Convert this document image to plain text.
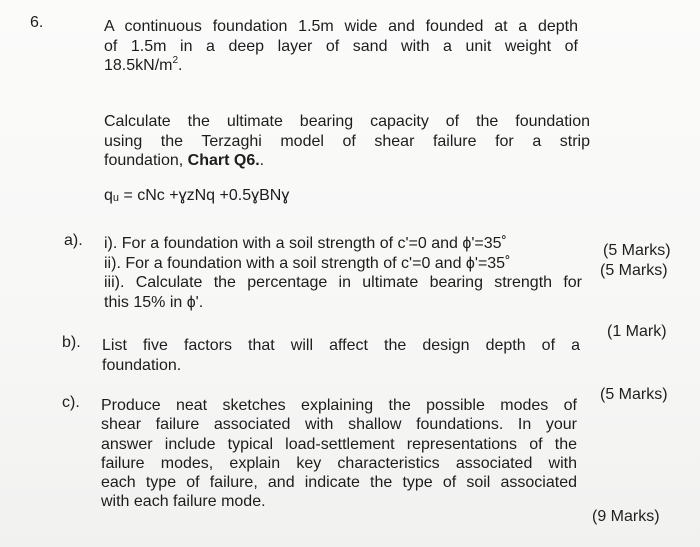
6.	A continuous foundation 1.5m wide and founded at a depth
of 1.5m in a deep layer of sand with a unit weight of
$18.5kN/m^2$.
Calculate the ultimate bearing capacity of the foundation
using the Terzaghi model of shear failure for a strip
foundation, Chart Q6..
qᵤ = cNc +ɣzNq +0.5ɣBNɣ
a). i). For a foundation with a soil strength of c'=0 and ϕ'=35˚
ii). For a foundation with a soil strength of c'=0 and ϕ'=35˚
iii). Calculate the percentage in ultimate bearing strength for
this 15% in ϕ'.
(5 Marks)
(5 Marks)
b). List five factors that will affect the design depth of a
foundation.
(1 Mark)
c). Produce neat sketches explaining the possible modes of
shear failure associated with shallow foundations. In your
answer include typical load-settlement representations of the
failure modes, explain key characteristics associated with
each type of failure, and indicate the type of soil associated
with each failure mode.
(5 Marks)
(9 Marks)
